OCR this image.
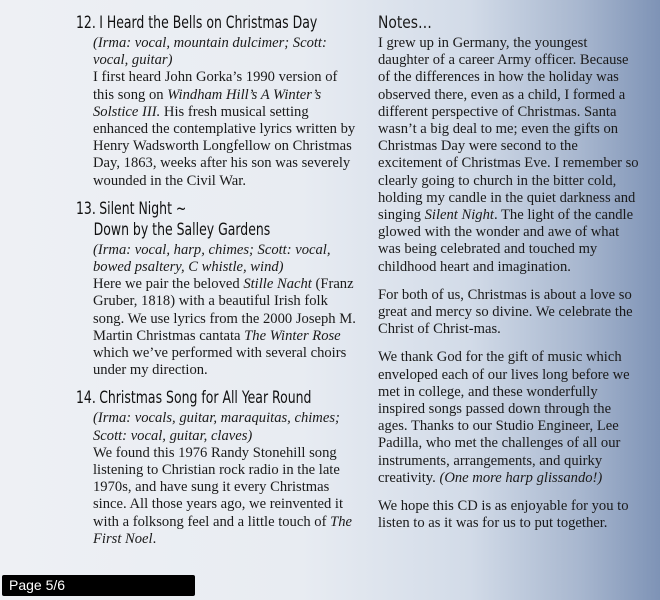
12. I Heard the Bells on Christmas Day
(Irma: vocal, mountain dulcimer; Scott: vocal, guitar)
I first heard John Gorka’s 1990 version of this song on Windham Hill’s A Winter’s Solstice III. His fresh musical setting enhanced the contemplative lyrics written by Henry Wadsworth Longfellow on Christmas Day, 1863, weeks after his son was severely wounded in the Civil War.
13. Silent Night ~
Down by the Salley Gardens
(Irma: vocal, harp, chimes; Scott: vocal, bowed psaltery, C whistle, wind)
Here we pair the beloved Stille Nacht (Franz Gruber, 1818) with a beautiful Irish folk song. We use lyrics from the 2000 Joseph M. Martin Christmas cantata The Winter Rose which we’ve performed with several choirs under my direction.
14. Christmas Song for All Year Round
(Irma: vocals, guitar, maraquitas, chimes; Scott: vocal, guitar, claves)
We found this 1976 Randy Stonehill song listening to Christian rock radio in the late 1970s, and have sung it every Christmas since. All those years ago, we reinvented it with a folksong feel and a little touch of The First Noel.
Notes…

I grew up in Germany, the youngest daughter of a career Army officer. Because of the differences in how the holiday was observed there, even as a child, I formed a different perspective of Christmas. Santa wasn’t a big deal to me; even the gifts on Christmas Day were second to the excitement of Christmas Eve. I remember so clearly going to church in the bitter cold, holding my candle in the quiet darkness and singing Silent Night. The light of the candle glowed with the wonder and awe of what was being celebrated and touched my childhood heart and imagination.

For both of us, Christmas is about a love so great and mercy so divine. We celebrate the Christ of Christ-mas.

We thank God for the gift of music which enveloped each of our lives long before we met in college, and these wonderfully inspired songs passed down through the ages. Thanks to our Studio Engineer, Lee Padilla, who met the challenges of all our instruments, arrangements, and quirky creativity. (One more harp glissando!)

We hope this CD is as enjoyable for you to listen to as it was for us to put together.

Page 5/6
